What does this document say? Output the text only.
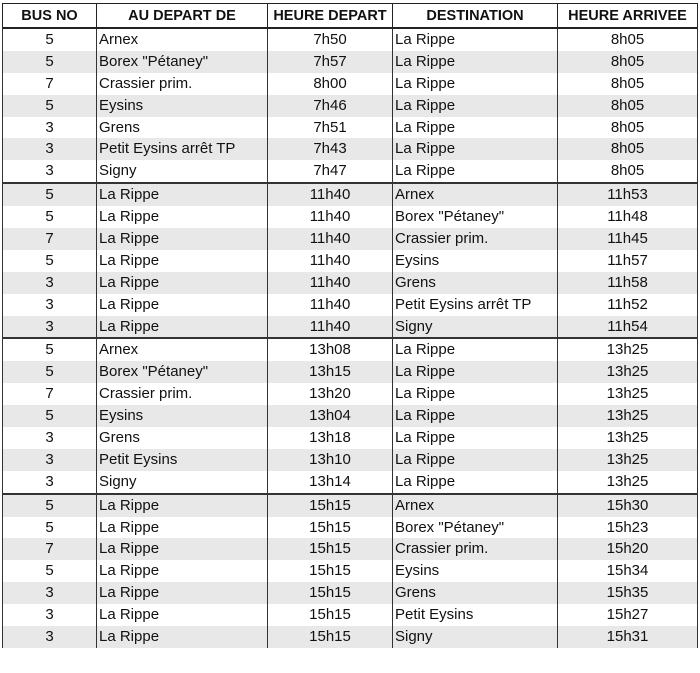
BUS NO	AU DEPART DE	HEURE DEPART	DESTINATION	HEURE ARRIVEE
5	Arnex	7h50	La Rippe	8h05
5	Borex "Pétaney"	7h57	La Rippe	8h05
7	Crassier prim.	8h00	La Rippe	8h05
5	Eysins	7h46	La Rippe	8h05
3	Grens	7h51	La Rippe	8h05
3	Petit Eysins arrêt TP	7h43	La Rippe	8h05
3	Signy	7h47	La Rippe	8h05
5	La Rippe	11h40	Arnex	11h53
5	La Rippe	11h40	Borex "Pétaney"	11h48
7	La Rippe	11h40	Crassier prim.	11h45
5	La Rippe	11h40	Eysins	11h57
3	La Rippe	11h40	Grens	11h58
3	La Rippe	11h40	Petit Eysins arrêt TP	11h52
3	La Rippe	11h40	Signy	11h54
5	Arnex	13h08	La Rippe	13h25
5	Borex "Pétaney"	13h15	La Rippe	13h25
7	Crassier prim.	13h20	La Rippe	13h25
5	Eysins	13h04	La Rippe	13h25
3	Grens	13h18	La Rippe	13h25
3	Petit Eysins	13h10	La Rippe	13h25
3	Signy	13h14	La Rippe	13h25
5	La Rippe	15h15	Arnex	15h30
5	La Rippe	15h15	Borex "Pétaney"	15h23
7	La Rippe	15h15	Crassier prim.	15h20
5	La Rippe	15h15	Eysins	15h34
3	La Rippe	15h15	Grens	15h35
3	La Rippe	15h15	Petit Eysins	15h27
3	La Rippe	15h15	Signy	15h31
